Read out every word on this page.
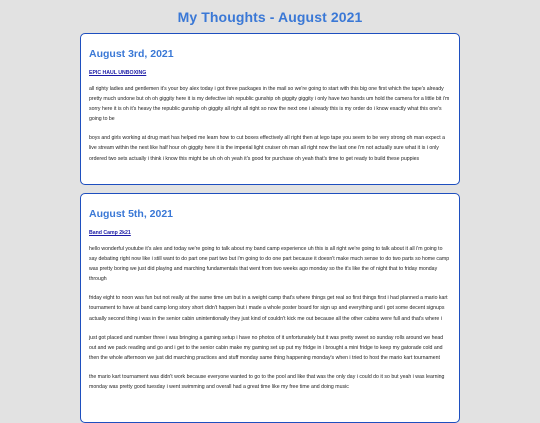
My Thoughts - August 2021
August 3rd, 2021
EPIC HAUL UNBOXING

all righty ladies and gentlemen it's your boy alex today i got three packages in the mail so we're going to start with this big one first which the tape's already pretty much undone but oh oh giggity here it is my defective ish republic gunship oh giggity giggity i only have two hands um hold the camera for a little bit i'm sorry here it is oh it's heavy the republic gunship oh giggity all right all right so now the next one i already this is my order do i know exactly what this one's going to be

boys and girls working at drug mart has helped me learn how to cut boxes effectively all right then at lego tape you seem to be very strong oh man expect a live stream within the next like half hour oh giggity here it is the imperial light cruiser oh man all right now the last one i'm not actually sure what it is i only ordered two sets actually i think i know this might be uh oh oh yeah it's good for purchase oh yeah that's time to get ready to build these puppies

August 5th, 2021
Band Camp 2k21

hello wonderful youtube it's alex and today we're going to talk about my band camp experience uh this is all right we're going to talk about it all i'm going to say debating right now like i still want to do part one part two but i'm going to do one part because it doesn't make much sense to do two parts so home camp was pretty boring we just did playing and marching fundamentals that went from two weeks ago monday so the it's like the of night that to friday monday through

friday eight to noon was fun but not really at the same time um but in a weight camp that's where things get real so first things first i had planned a mario kart tournament to have at band camp long story short didn't happen but i made a whole poster board for sign up and everything and i got some decent signups actually second thing i was in the senior cabin unintentionally they just kind of couldn't kick me out because all the other cabins were full and that's where i

just got placed and number three i was bringing a gaming setup i have no photos of it unfortunately but it was pretty sweet so sunday rolls around we head out and we pack reading and go and i get to the senior cabin make my gaming set up put my fridge in i brought a mini fridge to keep my gatorade cold and then the whole afternoon we just did marching practices and stuff monday same thing happening monday's when i tried to host the mario kart tournament

the mario kart tournament was didn't work because everyone wanted to go to the pool and like that was the only day i could do it so but yeah i was learning monday was pretty good tuesday i went swimming and overall had a great time like my free time and doing music
